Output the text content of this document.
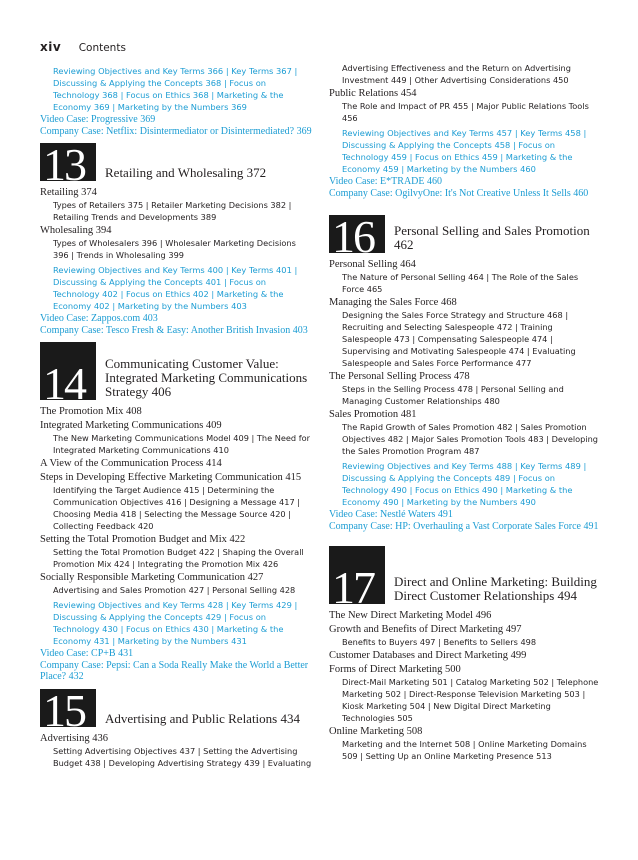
xiv Contents
Reviewing Objectives and Key Terms 366 | Key Terms 367 | Discussing & Applying the Concepts 368 | Focus on Technology 368 | Focus on Ethics 368 | Marketing & the Economy 369 | Marketing by the Numbers 369
Video Case: Progressive 369
Company Case: Netflix: Disintermediator or Disintermediated? 369
13 Retailing and Wholesaling 372
Retailing 374
Types of Retailers 375 | Retailer Marketing Decisions 382 | Retailing Trends and Developments 389
Wholesaling 394
Types of Wholesalers 396 | Wholesaler Marketing Decisions 396 | Trends in Wholesaling 399
Reviewing Objectives and Key Terms 400 | Key Terms 401 | Discussing & Applying the Concepts 401 | Focus on Technology 402 | Focus on Ethics 402 | Marketing & the Economy 402 | Marketing by the Numbers 403
Video Case: Zappos.com 403
Company Case: Tesco Fresh & Easy: Another British Invasion 403
14 Communicating Customer Value: Integrated Marketing Communications Strategy 406
The Promotion Mix 408
Integrated Marketing Communications 409
The New Marketing Communications Model 409 | The Need for Integrated Marketing Communications 410
A View of the Communication Process 414
Steps in Developing Effective Marketing Communication 415
Identifying the Target Audience 415 | Determining the Communication Objectives 416 | Designing a Message 417 | Choosing Media 418 | Selecting the Message Source 420 | Collecting Feedback 420
Setting the Total Promotion Budget and Mix 422
Setting the Total Promotion Budget 422 | Shaping the Overall Promotion Mix 424 | Integrating the Promotion Mix 426
Socially Responsible Marketing Communication 427
Advertising and Sales Promotion 427 | Personal Selling 428
Reviewing Objectives and Key Terms 428 | Key Terms 429 | Discussing & Applying the Concepts 429 | Focus on Technology 430 | Focus on Ethics 430 | Marketing & the Economy 431 | Marketing by the Numbers 431
Video Case: CP+B 431
Company Case: Pepsi: Can a Soda Really Make the World a Better Place? 432
15 Advertising and Public Relations 434
Advertising 436
Setting Advertising Objectives 437 | Setting the Advertising Budget 438 | Developing Advertising Strategy 439 | Evaluating
Advertising Effectiveness and the Return on Advertising Investment 449 | Other Advertising Considerations 450
Public Relations 454
The Role and Impact of PR 455 | Major Public Relations Tools 456
Reviewing Objectives and Key Terms 457 | Key Terms 458 | Discussing & Applying the Concepts 458 | Focus on Technology 459 | Focus on Ethics 459 | Marketing & the Economy 459 | Marketing by the Numbers 460
Video Case: E*TRADE 460
Company Case: OgilvyOne: It's Not Creative Unless It Sells 460
16 Personal Selling and Sales Promotion 462
Personal Selling 464
The Nature of Personal Selling 464 | The Role of the Sales Force 465
Managing the Sales Force 468
Designing the Sales Force Strategy and Structure 468 | Recruiting and Selecting Salespeople 472 | Training Salespeople 473 | Compensating Salespeople 474 | Supervising and Motivating Salespeople 474 | Evaluating Salespeople and Sales Force Performance 477
The Personal Selling Process 478
Steps in the Selling Process 478 | Personal Selling and Managing Customer Relationships 480
Sales Promotion 481
The Rapid Growth of Sales Promotion 482 | Sales Promotion Objectives 482 | Major Sales Promotion Tools 483 | Developing the Sales Promotion Program 487
Reviewing Objectives and Key Terms 488 | Key Terms 489 | Discussing & Applying the Concepts 489 | Focus on Technology 490 | Focus on Ethics 490 | Marketing & the Economy 490 | Marketing by the Numbers 490
Video Case: Nestlé Waters 491
Company Case: HP: Overhauling a Vast Corporate Sales Force 491
17 Direct and Online Marketing: Building Direct Customer Relationships 494
The New Direct Marketing Model 496
Growth and Benefits of Direct Marketing 497
Benefits to Buyers 497 | Benefits to Sellers 498
Customer Databases and Direct Marketing 499
Forms of Direct Marketing 500
Direct-Mail Marketing 501 | Catalog Marketing 502 | Telephone Marketing 502 | Direct-Response Television Marketing 503 | Kiosk Marketing 504 | New Digital Direct Marketing Technologies 505
Online Marketing 508
Marketing and the Internet 508 | Online Marketing Domains 509 | Setting Up an Online Marketing Presence 513
